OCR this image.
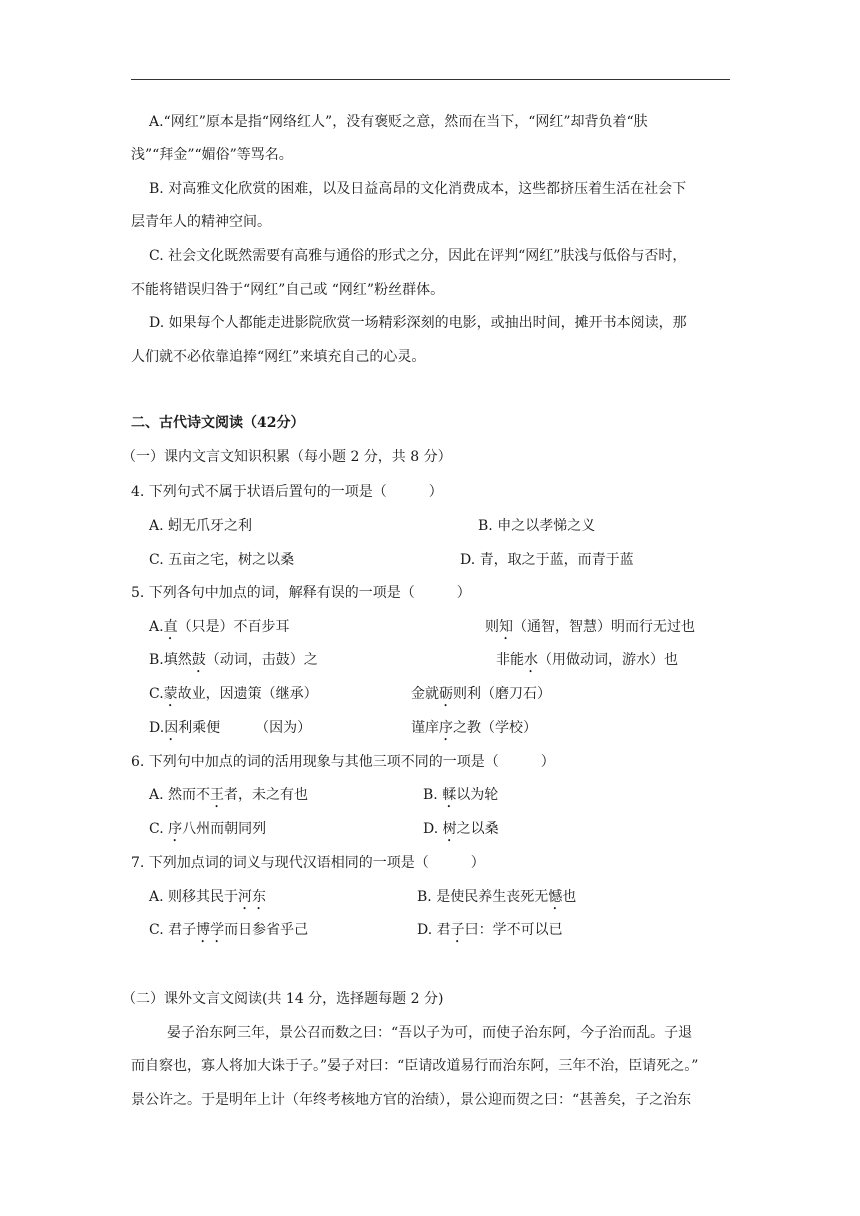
A.“网红”原本是指“网络红人”，没有褒贬之意，然而在当下，“网红”却背负着“肤
浅”“拜金”“媚俗”等骂名。
B. 对高雅文化欣赏的困难，以及日益高昂的文化消费成本，这些都挤压着生活在社会下
层青年人的精神空间。
C. 社会文化既然需要有高雅与通俗的形式之分，因此在评判“网红”肤浅与低俗与否时，
不能将错误归咎于“网红”自己或 “网红”粉丝群体。
D. 如果每个人都能走进影院欣赏一场精彩深刻的电影，或抽出时间，摊开书本阅读，那
人们就不必依靠追捧“网红”来填充自己的心灵。
二、古代诗文阅读（42分）
（一）课内文言文知识积累（每小题 2 分，共 8 分）
4. 下列句式不属于状语后置句的一项是（　　　）
A. 蚓无爪牙之利	B. 申之以孝悌之义
C. 五亩之宅，树之以桑	D. 青，取之于蓝，而青于蓝
5. 下列各句中加点的词，解释有误的一项是（　　　）
A.直（只是）不百步耳	则知（通智，智慧）明而行无过也
B.填然鼓（动词，击鼓）之	非能水（用做动词，游水）也
C.蒙故业，因遗策（继承）	金就砺则利（磨刀石）
D.因利乘便　　　（因为）	谨庠序之教（学校）
6. 下列句中加点的词的活用现象与其他三项不同的一项是（　　　）
A. 然而不王者，未之有也	B. 輮以为轮
C. 序八州而朝同列	D. 树之以桑
7. 下列加点词的词义与现代汉语相同的一项是（　　　）
A. 则移其民于河东	B. 是使民养生丧死无憾也
C. 君子博学而日参省乎己	D. 君子曰：学不可以已
（二）课外文言文阅读(共 14 分，选择题每题 2 分)
晏子治东阿三年，景公召而数之曰：“吾以子为可，而使子治东阿，今子治而乱。子退
而自察也，寡人将加大诛于子。”晏子对曰：“臣请改道易行而治东阿，三年不治，臣请死之。”
景公许之。于是明年上计（年终考核地方官的治绩），景公迎而贺之曰：“甚善矣，子之治东
